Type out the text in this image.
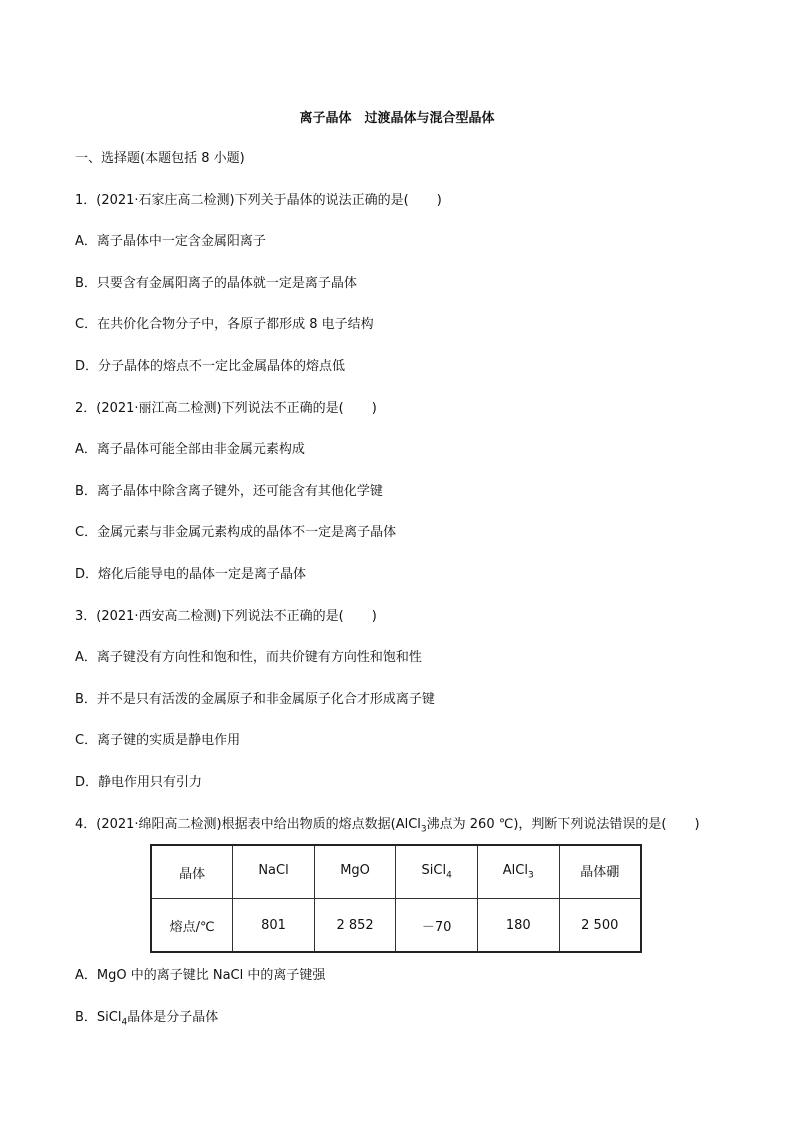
离子晶体　过渡晶体与混合型晶体
一、选择题(本题包括 8 小题)
1．(2021·石家庄高二检测)下列关于晶体的说法正确的是( )
A．离子晶体中一定含金属阳离子
B．只要含有金属阳离子的晶体就一定是离子晶体
C．在共价化合物分子中，各原子都形成 8 电子结构
D．分子晶体的熔点不一定比金属晶体的熔点低
2．(2021·丽江高二检测)下列说法不正确的是( )
A．离子晶体可能全部由非金属元素构成
B．离子晶体中除含离子键外，还可能含有其他化学键
C．金属元素与非金属元素构成的晶体不一定是离子晶体
D．熔化后能导电的晶体一定是离子晶体
3．(2021·西安高二检测)下列说法不正确的是( )
A．离子键没有方向性和饱和性，而共价键有方向性和饱和性
B．并不是只有活泼的金属原子和非金属原子化合才形成离子键
C．离子键的实质是静电作用
D．静电作用只有引力
4．(2021·绵阳高二检测)根据表中给出物质的熔点数据(AlCl$_3$沸点为 260 ℃)，判断下列说法错误的是( )
晶体	NaCl	MgO	SiCl$_4$	AlCl$_3$	晶体硼
熔点/℃	801	2 852	－70	180	2 500
A．MgO 中的离子键比 NaCl 中的离子键强
B．SiCl$_4$晶体是分子晶体
